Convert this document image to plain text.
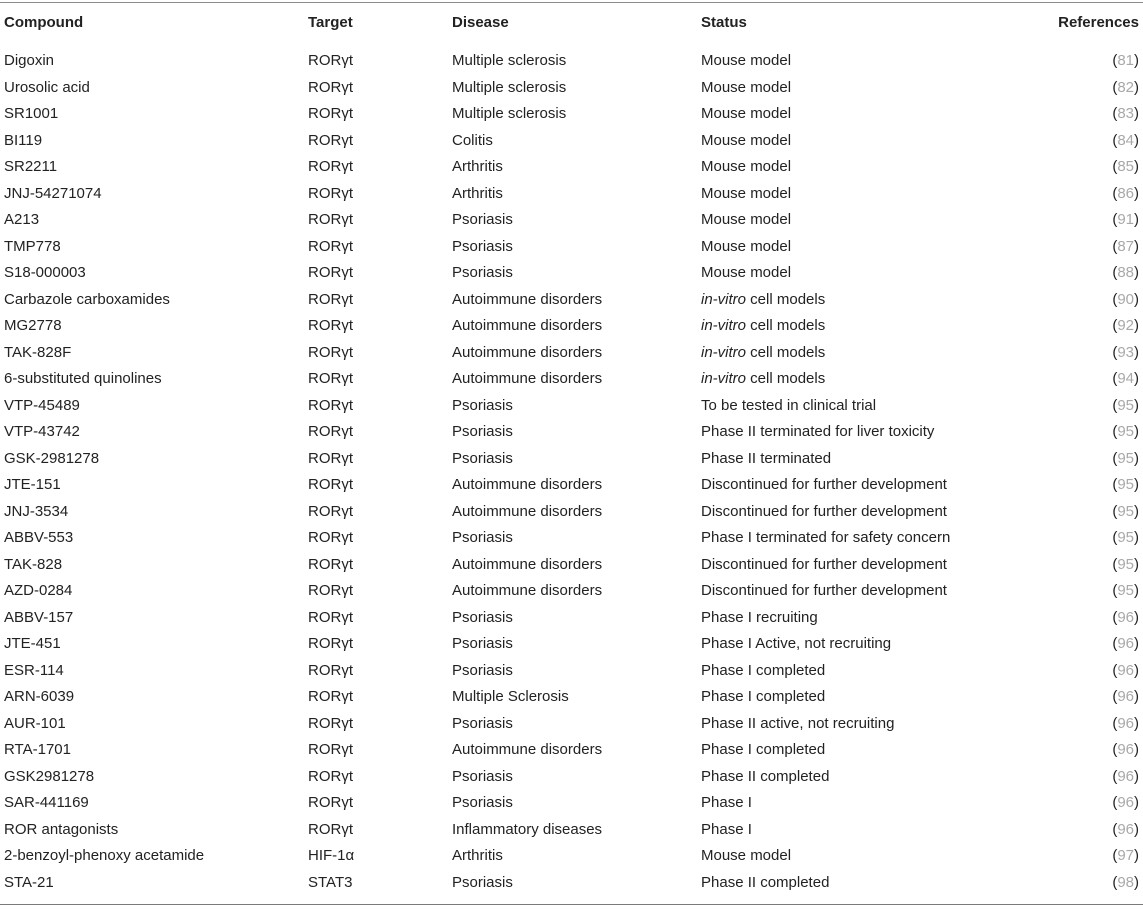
Compound	Target	Disease	Status	References
Digoxin	RORγt	Multiple sclerosis	Mouse model	(81)
Urosolic acid	RORγt	Multiple sclerosis	Mouse model	(82)
SR1001	RORγt	Multiple sclerosis	Mouse model	(83)
BI119	RORγt	Colitis	Mouse model	(84)
SR2211	RORγt	Arthritis	Mouse model	(85)
JNJ-54271074	RORγt	Arthritis	Mouse model	(86)
A213	RORγt	Psoriasis	Mouse model	(91)
TMP778	RORγt	Psoriasis	Mouse model	(87)
S18-000003	RORγt	Psoriasis	Mouse model	(88)
Carbazole carboxamides	RORγt	Autoimmune disorders	in-vitro cell models	(90)
MG2778	RORγt	Autoimmune disorders	in-vitro cell models	(92)
TAK-828F	RORγt	Autoimmune disorders	in-vitro cell models	(93)
6-substituted quinolines	RORγt	Autoimmune disorders	in-vitro cell models	(94)
VTP-45489	RORγt	Psoriasis	To be tested in clinical trial	(95)
VTP-43742	RORγt	Psoriasis	Phase II terminated for liver toxicity	(95)
GSK-2981278	RORγt	Psoriasis	Phase II terminated	(95)
JTE-151	RORγt	Autoimmune disorders	Discontinued for further development	(95)
JNJ-3534	RORγt	Autoimmune disorders	Discontinued for further development	(95)
ABBV-553	RORγt	Psoriasis	Phase I terminated for safety concern	(95)
TAK-828	RORγt	Autoimmune disorders	Discontinued for further development	(95)
AZD-0284	RORγt	Autoimmune disorders	Discontinued for further development	(95)
ABBV-157	RORγt	Psoriasis	Phase I recruiting	(96)
JTE-451	RORγt	Psoriasis	Phase I Active, not recruiting	(96)
ESR-114	RORγt	Psoriasis	Phase I completed	(96)
ARN-6039	RORγt	Multiple Sclerosis	Phase I completed	(96)
AUR-101	RORγt	Psoriasis	Phase II active, not recruiting	(96)
RTA-1701	RORγt	Autoimmune disorders	Phase I completed	(96)
GSK2981278	RORγt	Psoriasis	Phase II completed	(96)
SAR-441169	RORγt	Psoriasis	Phase I	(96)
ROR antagonists	RORγt	Inflammatory diseases	Phase I	(96)
2-benzoyl-phenoxy acetamide	HIF-1α	Arthritis	Mouse model	(97)
STA-21	STAT3	Psoriasis	Phase II completed	(98)
